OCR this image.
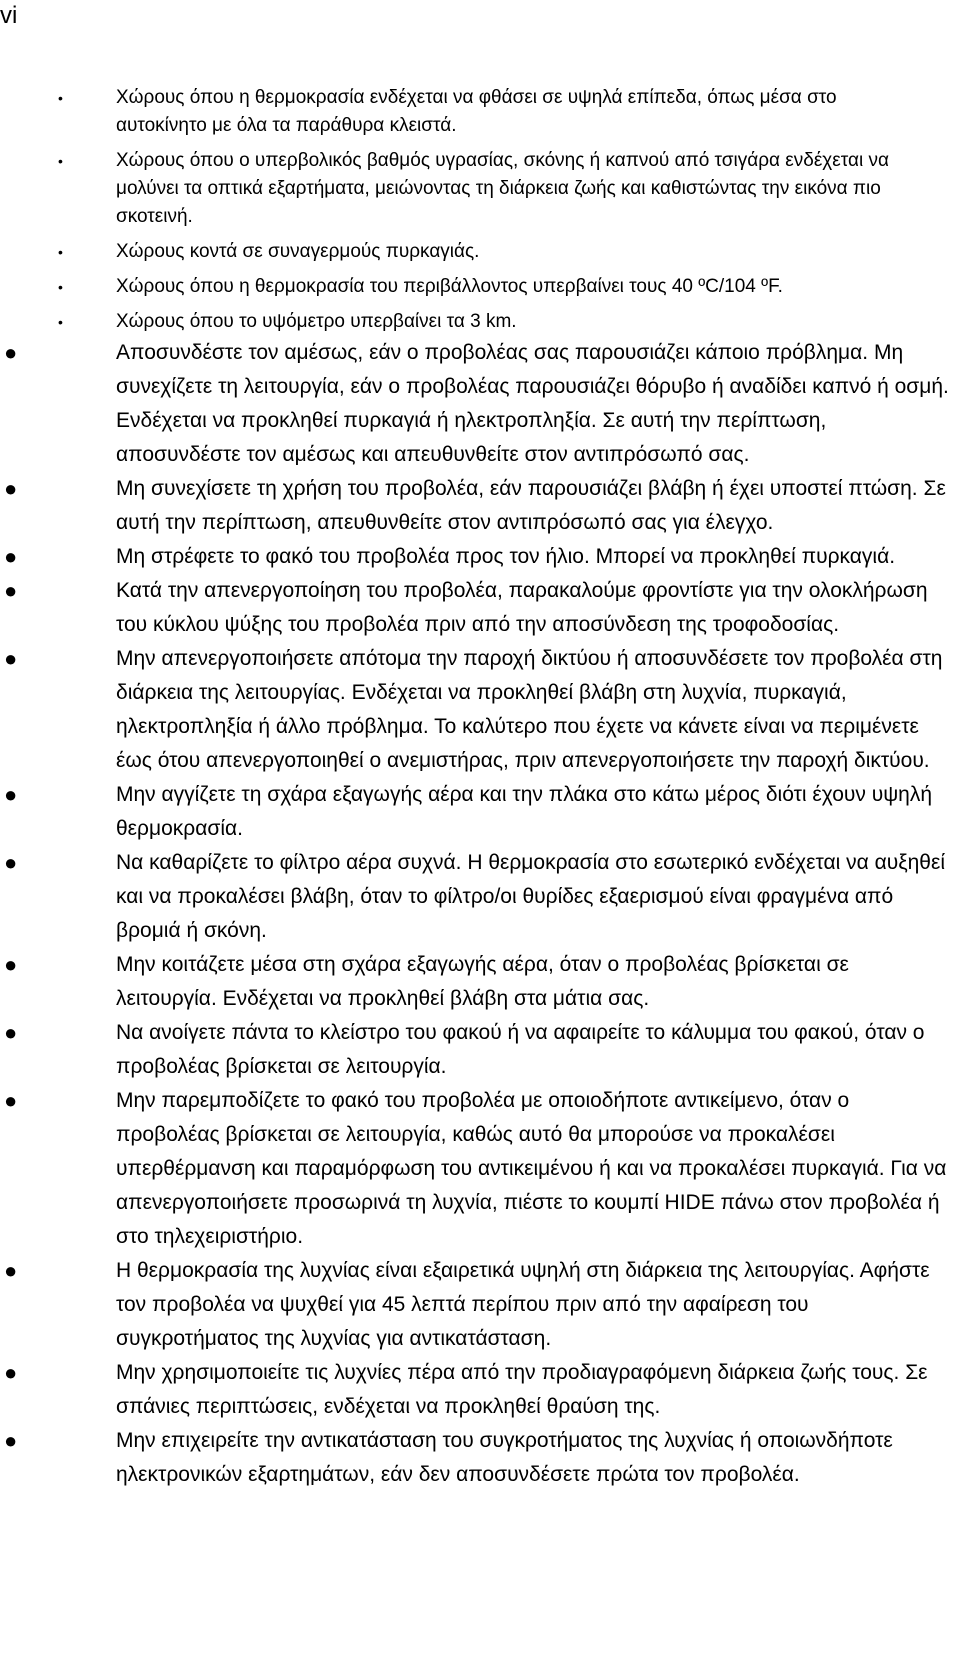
vi
•	Χώρους όπου η θερμοκρασία ενδέχεται να φθάσει σε υψηλά επίπεδα, όπως μέσα στο αυτοκίνητο με όλα τα παράθυρα κλειστά.
•	Χώρους όπου ο υπερβολικός βαθμός υγρασίας, σκόνης ή καπνού από τσιγάρα ενδέχεται να μολύνει τα οπτικά εξαρτήματα, μειώνοντας τη διάρκεια ζωής και καθιστώντας την εικόνα πιο σκοτεινή.
•	Χώρους κοντά σε συναγερμούς πυρκαγιάς.
•	Χώρους όπου η θερμοκρασία του περιβάλλοντος υπερβαίνει τους 40 ºC/104 ºF.
•	Χώρους όπου το υψόμετρο υπερβαίνει τα 3 km.
●	Αποσυνδέστε τον αμέσως, εάν ο προβολέας σας παρουσιάζει κάποιο πρόβλημα. Μη συνεχίζετε τη λειτουργία, εάν ο προβολέας παρουσιάζει θόρυβο ή αναδίδει καπνό ή οσμή. Ενδέχεται να προκληθεί πυρκαγιά ή ηλεκτροπληξία. Σε αυτή την περίπτωση, αποσυνδέστε τον αμέσως και απευθυνθείτε στον αντιπρόσωπό σας.
●	Μη συνεχίσετε τη χρήση του προβολέα, εάν παρουσιάζει βλάβη ή έχει υποστεί πτώση. Σε αυτή την περίπτωση, απευθυνθείτε στον αντιπρόσωπό σας για έλεγχο.
●	Μη στρέφετε το φακό του προβολέα προς τον ήλιο. Μπορεί να προκληθεί πυρκαγιά.
●	Κατά την απενεργοποίηση του προβολέα, παρακαλούμε φροντίστε για την ολοκλήρωση του κύκλου ψύξης του προβολέα πριν από την αποσύνδεση της τροφοδοσίας.
●	Μην απενεργοποιήσετε απότομα την παροχή δικτύου ή αποσυνδέσετε τον προβολέα στη διάρκεια της λειτουργίας. Ενδέχεται να προκληθεί βλάβη στη λυχνία, πυρκαγιά, ηλεκτροπληξία ή άλλο πρόβλημα. Το καλύτερο που έχετε να κάνετε είναι να περιμένετε έως ότου απενεργοποιηθεί ο ανεμιστήρας, πριν απενεργοποιήσετε την παροχή δικτύου.
●	Μην αγγίζετε τη σχάρα εξαγωγής αέρα και την πλάκα στο κάτω μέρος διότι έχουν υψηλή θερμοκρασία.
●	Να καθαρίζετε το φίλτρο αέρα συχνά. Η θερμοκρασία στο εσωτερικό ενδέχεται να αυξηθεί και να προκαλέσει βλάβη, όταν το φίλτρο/οι θυρίδες εξαερισμού είναι φραγμένα από βρομιά ή σκόνη.
●	Μην κοιτάζετε μέσα στη σχάρα εξαγωγής αέρα, όταν ο προβολέας βρίσκεται σε λειτουργία. Ενδέχεται να προκληθεί βλάβη στα μάτια σας.
●	Να ανοίγετε πάντα το κλείστρο του φακού ή να αφαιρείτε το κάλυμμα του φακού, όταν ο προβολέας βρίσκεται σε λειτουργία.
●	Μην παρεμποδίζετε το φακό του προβολέα με οποιοδήποτε αντικείμενο, όταν ο προβολέας βρίσκεται σε λειτουργία, καθώς αυτό θα μπορούσε να προκαλέσει υπερθέρμανση και παραμόρφωση του αντικειμένου ή και να προκαλέσει πυρκαγιά. Για να απενεργοποιήσετε προσωρινά τη λυχνία, πιέστε το κουμπί HIDE πάνω στον προβολέα ή στο τηλεχειριστήριο.
●	Η θερμοκρασία της λυχνίας είναι εξαιρετικά υψηλή στη διάρκεια της λειτουργίας. Αφήστε τον προβολέα να ψυχθεί για 45 λεπτά περίπου πριν από την αφαίρεση του συγκροτήματος της λυχνίας για αντικατάσταση.
●	Μην χρησιμοποιείτε τις λυχνίες πέρα από την προδιαγραφόμενη διάρκεια ζωής τους. Σε σπάνιες περιπτώσεις, ενδέχεται να προκληθεί θραύση της.
●	Μην επιχειρείτε την αντικατάσταση του συγκροτήματος της λυχνίας ή οποιωνδήποτε ηλεκτρονικών εξαρτημάτων, εάν δεν αποσυνδέσετε πρώτα τον προβολέα.
